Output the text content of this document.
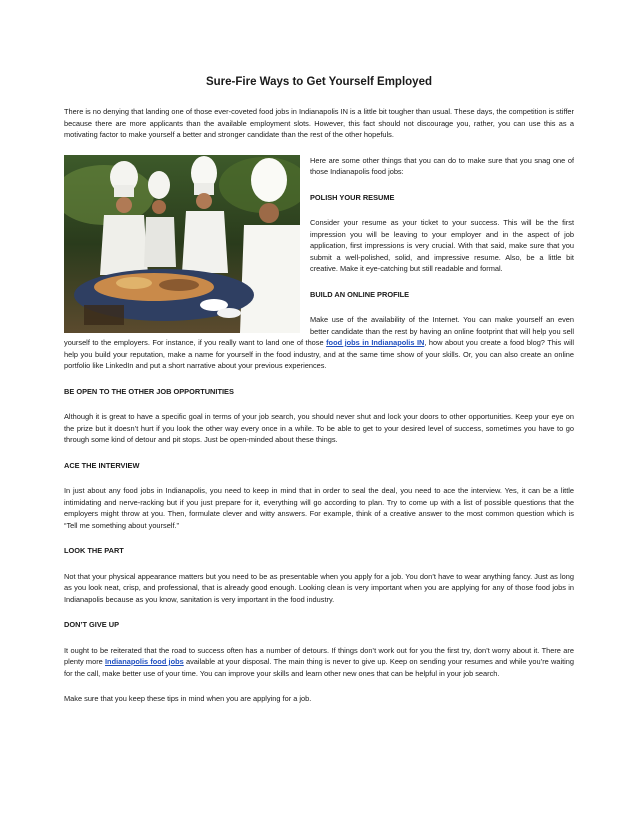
Sure-Fire Ways to Get Yourself Employed

There is no denying that landing one of those ever-coveted food jobs in Indianapolis IN is a little bit tougher than usual. These days, the competition is stiffer because there are more applicants than the available employment slots. However, this fact should not discourage you, rather, you can use this as a motivating factor to make yourself a better and stronger candidate than the rest of the other hopefuls.

Here are some other things that you can do to make sure that you snag one of those Indianapolis food jobs:

POLISH YOUR RESUME

Consider your resume as your ticket to your success. This will be the first impression you will be leaving to your employer and in the aspect of job application, first impressions is very crucial. With that said, make sure that you submit a well-polished, solid, and impressive resume. Also, be a little bit creative. Make it eye-catching but still readable and formal.

BUILD AN ONLINE PROFILE

Make use of the availability of the Internet. You can make yourself an even better candidate than the rest by having an online footprint that will help you sell yourself to the employers. For instance, if you really want to land one of those food jobs in Indianapolis IN, how about you create a food blog? This will help you build your reputation, make a name for yourself in the food industry, and at the same time show of your skills. Or, you can also create an online portfolio like LinkedIn and put a short narrative about your previous experiences.

BE OPEN TO THE OTHER JOB OPPORTUNITIES

Although it is great to have a specific goal in terms of your job search, you should never shut and lock your doors to other opportunities. Keep your eye on the prize but it doesn’t hurt if you look the other way every once in a while. To be able to get to your desired level of success, sometimes you have to go through some kind of detour and pit stops. Just be open-minded about these things.

ACE THE INTERVIEW

In just about any food jobs in Indianapolis, you need to keep in mind that in order to seal the deal, you need to ace the interview. Yes, it can be a little intimidating and nerve-racking but if you just prepare for it, everything will go according to plan. Try to come up with a list of possible questions that the employers might throw at you. Then, formulate clever and witty answers. For example, think of a creative answer to the most common question which is “Tell me something about yourself.”

LOOK THE PART

Not that your physical appearance matters but you need to be as presentable when you apply for a job. You don’t have to wear anything fancy. Just as long as you look neat, crisp, and professional, that is already good enough. Looking clean is very important when you are applying for any of those food jobs in Indianapolis because as you know, sanitation is very important in the food industry.

DON’T GIVE UP

It ought to be reiterated that the road to success often has a number of detours. If things don’t work out for you the first try, don’t worry about it. There are plenty more Indianapolis food jobs available at your disposal. The main thing is never to give up. Keep on sending your resumes and while you’re waiting for the call, make better use of your time. You can improve your skills and learn other new ones that can be helpful in your job search.

Make sure that you keep these tips in mind when you are applying for a job.
